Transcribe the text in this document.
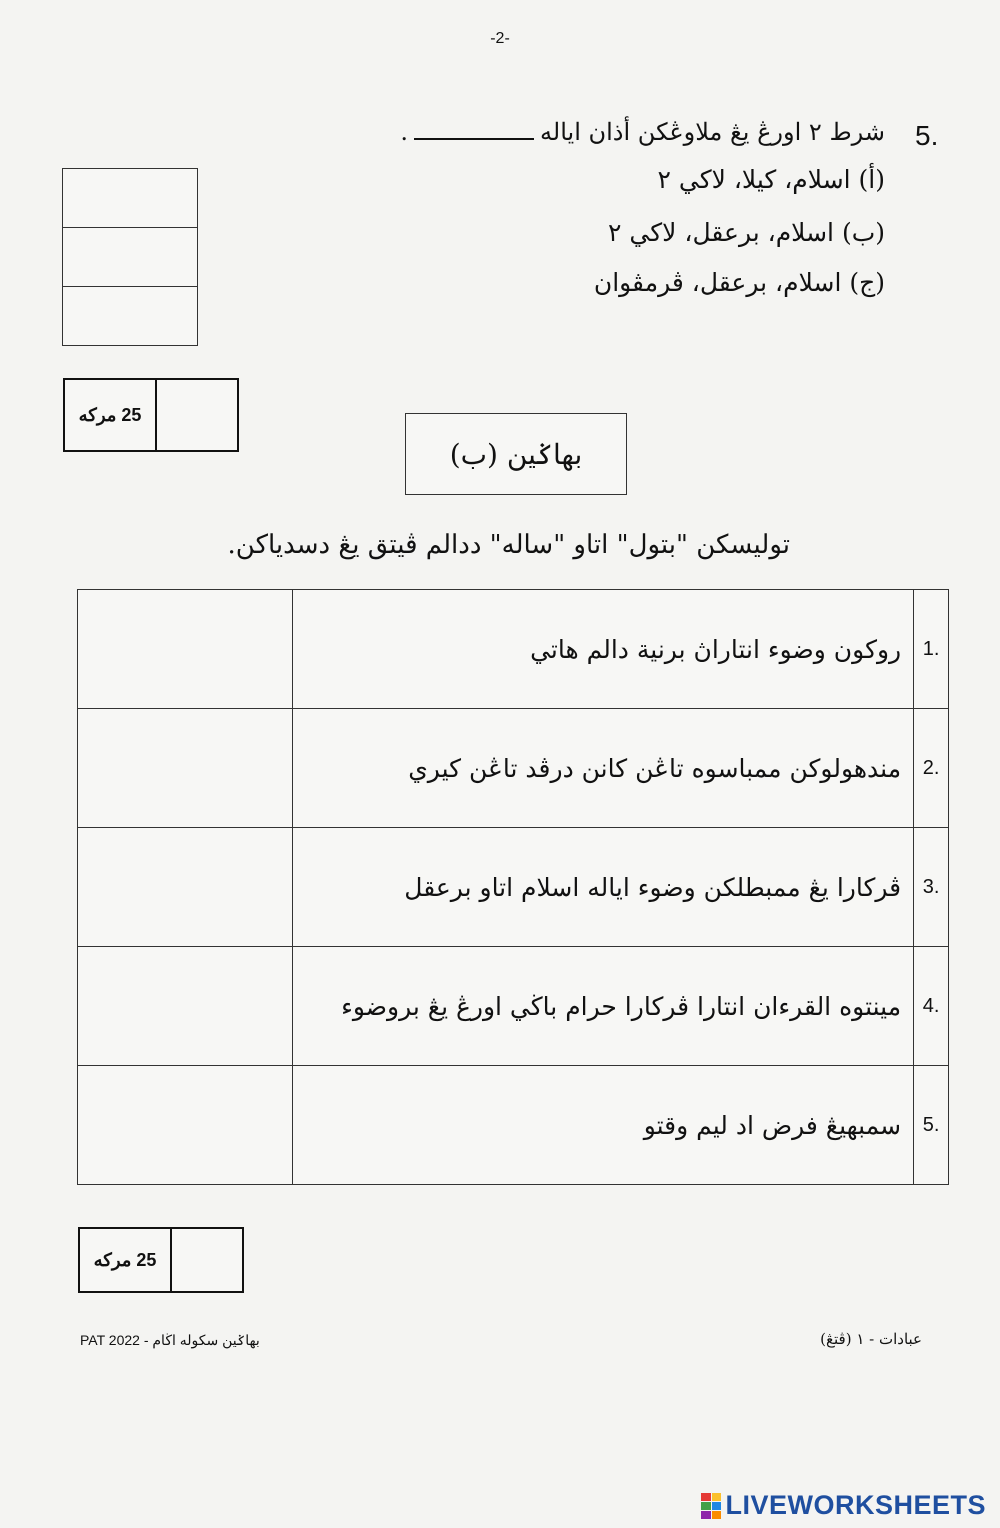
-2-
5.
شرط ٢ اورڠ يڠ ملاوڠكن أذان اياله.
(أ) اسلام، كيلا، لاكي ٢
(ب) اسلام، برعقل، لاكي ٢
(ج) اسلام، برعقل، ڤرمڤوان
25 مركه
بهاݢين (ب)
توليسكن "بتول" اتاو "ساله" ددالم ڤيتق يڠ دسدياكن.
	روكون وضوء انتاراڽ برنية دالم هاتي	1.
	مندهولوكن ممباسوه تاڠن كانن درڤد تاڠن كيري	2.
	ڤركارا يڠ ممبطلكن وضوء اياله اسلام اتاو برعقل	3.
	مينتوه القرءان انتارا ڤركارا حرام باڬي اورڠ يڠ بروضوء	4.
	سمبهيڠ فرض اد ليم وقتو	5.
25 مركه
بهاݢين سكوله اڬام - PAT 2022	عبادات - ١ (ڤتڠ)
LIVEWORKSHEETS
